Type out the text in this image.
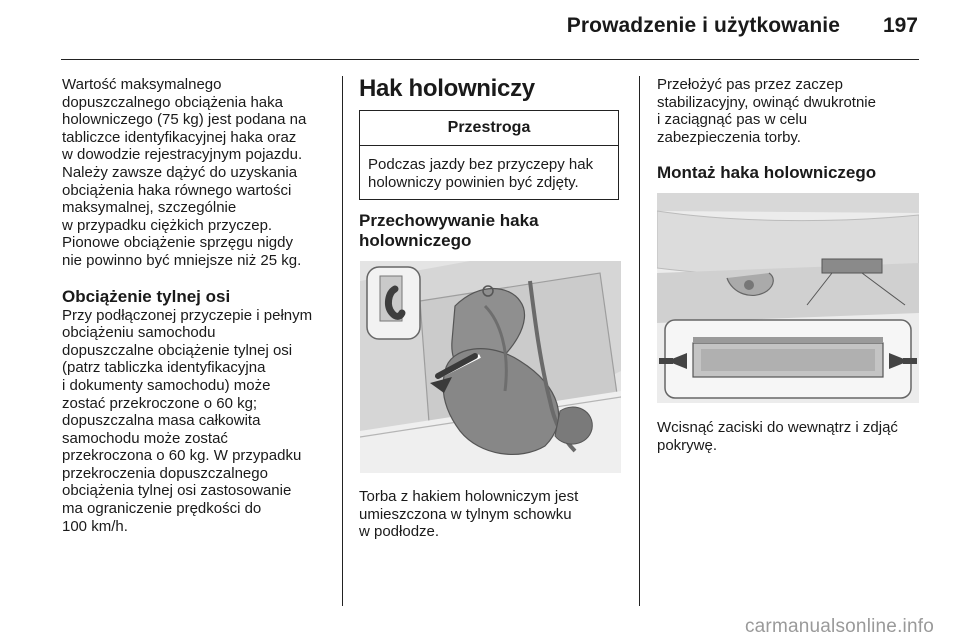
Prowadzenie i użytkowanie 197

Wartość maksymalnego
dopuszczalnego obciążenia haka
holowniczego (75 kg) jest podana na
tabliczce identyfikacyjnej haka oraz
w dowodzie rejestracyjnym pojazdu.
Należy zawsze dążyć do uzyskania
obciążenia haka równego wartości
maksymalnej, szczególnie
w przypadku ciężkich przyczep.
Pionowe obciążenie sprzęgu nigdy
nie powinno być mniejsze niż 25 kg.

Obciążenie tylnej osi

Przy podłączonej przyczepie i pełnym
obciążeniu samochodu
dopuszczalne obciążenie tylnej osi
(patrz tabliczka identyfikacyjna
i dokumenty samochodu) może
zostać przekroczone o 60 kg;
dopuszczalna masa całkowita
samochodu może zostać
przekroczona o 60 kg. W przypadku
przekroczenia dopuszczalnego
obciążenia tylnej osi zastosowanie
ma ograniczenie prędkości do
100 km/h.

Hak holowniczy

Przestroga
Podczas jazdy bez przyczepy hak
holowniczy powinien być zdjęty.

Przechowywanie haka
holowniczego

Torba z hakiem holowniczym jest
umieszczona w tylnym schowku
w podłodze.

Przełożyć pas przez zaczep
stabilizacyjny, owinąć dwukrotnie
i zaciągnąć pas w celu
zabezpieczenia torby.

Montaż haka holowniczego

Wcisnąć zaciski do wewnątrz i zdjąć
pokrywę.

carmanualsonline.info
